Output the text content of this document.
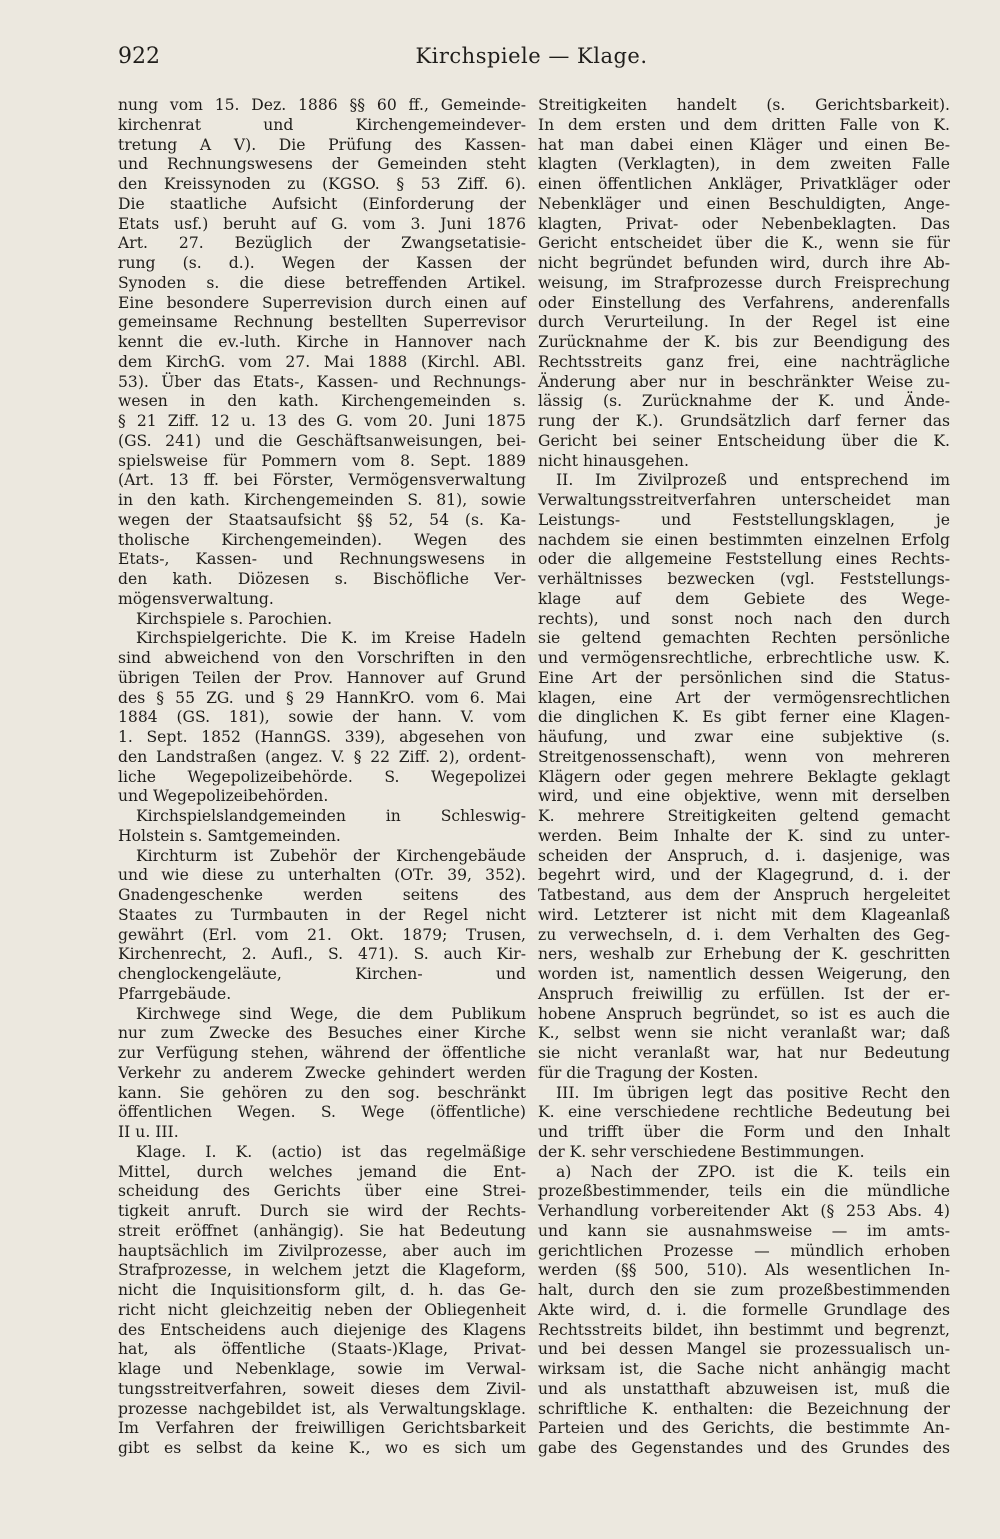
922	Kirchspiele — Klage.
nung vom 15. Dez. 1886 §§ 60 ff., Gemeinde-
kirchenrat und Kirchengemeindever-
tretung A V). Die Prüfung des Kassen-
und Rechnungswesens der Gemeinden steht
den Kreissynoden zu (KGSO. § 53 Ziff. 6).
Die staatliche Aufsicht (Einforderung der
Etats usf.) beruht auf G. vom 3. Juni 1876
Art. 27. Bezüglich der Zwangsetatisie-
rung (s. d.). Wegen der Kassen der
Synoden s. die diese betreffenden Artikel.
Eine besondere Superrevision durch einen auf
gemeinsame Rechnung bestellten Superrevisor
kennt die ev.-luth. Kirche in Hannover nach
dem KirchG. vom 27. Mai 1888 (Kirchl. ABl.
53). Über das Etats-, Kassen- und Rechnungs-
wesen in den kath. Kirchengemeinden s.
§ 21 Ziff. 12 u. 13 des G. vom 20. Juni 1875
(GS. 241) und die Geschäftsanweisungen, bei-
spielsweise für Pommern vom 8. Sept. 1889
(Art. 13 ff. bei Förster, Vermögensverwaltung
in den kath. Kirchengemeinden S. 81), sowie
wegen der Staatsaufsicht §§ 52, 54 (s. Ka-
tholische Kirchengemeinden). Wegen des
Etats-, Kassen- und Rechnungswesens in
den kath. Diözesen s. Bischöfliche Ver-
mögensverwaltung.
Kirchspiele s. Parochien.
Kirchspielgerichte. Die K. im Kreise Hadeln
sind abweichend von den Vorschriften in den
übrigen Teilen der Prov. Hannover auf Grund
des § 55 ZG. und § 29 HannKrO. vom 6. Mai
1884 (GS. 181), sowie der hann. V. vom
1. Sept. 1852 (HannGS. 339), abgesehen von
den Landstraßen (angez. V. § 22 Ziff. 2), ordent-
liche Wegepolizeibehörde. S. Wegepolizei
und Wegepolizeibehörden.
Kirchspielslandgemeinden in Schleswig-
Holstein s. Samtgemeinden.
Kirchturm ist Zubehör der Kirchengebäude
und wie diese zu unterhalten (OTr. 39, 352).
Gnadengeschenke werden seitens des
Staates zu Turmbauten in der Regel nicht
gewährt (Erl. vom 21. Okt. 1879; Trusen,
Kirchenrecht, 2. Aufl., S. 471). S. auch Kir-
chenglockengeläute, Kirchen- und
Pfarrgebäude.
Kirchwege sind Wege, die dem Publikum
nur zum Zwecke des Besuches einer Kirche
zur Verfügung stehen, während der öffentliche
Verkehr zu anderem Zwecke gehindert werden
kann. Sie gehören zu den sog. beschränkt
öffentlichen Wegen. S. Wege (öffentliche)
II u. III.
Klage. I. K. (actio) ist das regelmäßige
Mittel, durch welches jemand die Ent-
scheidung des Gerichts über eine Strei-
tigkeit anruft. Durch sie wird der Rechts-
streit eröffnet (anhängig). Sie hat Bedeutung
hauptsächlich im Zivilprozesse, aber auch im
Strafprozesse, in welchem jetzt die Klageform,
nicht die Inquisitionsform gilt, d. h. das Ge-
richt nicht gleichzeitig neben der Obliegenheit
des Entscheidens auch diejenige des Klagens
hat, als öffentliche (Staats-)Klage, Privat-
klage und Nebenklage, sowie im Verwal-
tungsstreitverfahren, soweit dieses dem Zivil-
prozesse nachgebildet ist, als Verwaltungsklage.
Im Verfahren der freiwilligen Gerichtsbarkeit
gibt es selbst da keine K., wo es sich um
Streitigkeiten handelt (s. Gerichtsbarkeit).
In dem ersten und dem dritten Falle von K.
hat man dabei einen Kläger und einen Be-
klagten (Verklagten), in dem zweiten Falle
einen öffentlichen Ankläger, Privatkläger oder
Nebenkläger und einen Beschuldigten, Ange-
klagten, Privat- oder Nebenbeklagten. Das
Gericht entscheidet über die K., wenn sie für
nicht begründet befunden wird, durch ihre Ab-
weisung, im Strafprozesse durch Freisprechung
oder Einstellung des Verfahrens, anderenfalls
durch Verurteilung. In der Regel ist eine
Zurücknahme der K. bis zur Beendigung des
Rechtsstreits ganz frei, eine nachträgliche
Änderung aber nur in beschränkter Weise zu-
lässig (s. Zurücknahme der K. und Ände-
rung der K.). Grundsätzlich darf ferner das
Gericht bei seiner Entscheidung über die K.
nicht hinausgehen.
II. Im Zivilprozeß und entsprechend im
Verwaltungsstreitverfahren unterscheidet man
Leistungs- und Feststellungsklagen, je
nachdem sie einen bestimmten einzelnen Erfolg
oder die allgemeine Feststellung eines Rechts-
verhältnisses bezwecken (vgl. Feststellungs-
klage auf dem Gebiete des Wege-
rechts), und sonst noch nach den durch
sie geltend gemachten Rechten persönliche
und vermögensrechtliche, erbrechtliche usw. K.
Eine Art der persönlichen sind die Status-
klagen, eine Art der vermögensrechtlichen
die dinglichen K. Es gibt ferner eine Klagen-
häufung, und zwar eine subjektive (s.
Streitgenossenschaft), wenn von mehreren
Klägern oder gegen mehrere Beklagte geklagt
wird, und eine objektive, wenn mit derselben
K. mehrere Streitigkeiten geltend gemacht
werden. Beim Inhalte der K. sind zu unter-
scheiden der Anspruch, d. i. dasjenige, was
begehrt wird, und der Klagegrund, d. i. der
Tatbestand, aus dem der Anspruch hergeleitet
wird. Letzterer ist nicht mit dem Klageanlaß
zu verwechseln, d. i. dem Verhalten des Geg-
ners, weshalb zur Erhebung der K. geschritten
worden ist, namentlich dessen Weigerung, den
Anspruch freiwillig zu erfüllen. Ist der er-
hobene Anspruch begründet, so ist es auch die
K., selbst wenn sie nicht veranlaßt war; daß
sie nicht veranlaßt war, hat nur Bedeutung
für die Tragung der Kosten.
III. Im übrigen legt das positive Recht den
K. eine verschiedene rechtliche Bedeutung bei
und trifft über die Form und den Inhalt
der K. sehr verschiedene Bestimmungen.
a) Nach der ZPO. ist die K. teils ein
prozeßbestimmender, teils ein die mündliche
Verhandlung vorbereitender Akt (§ 253 Abs. 4)
und kann sie ausnahmsweise — im amts-
gerichtlichen Prozesse — mündlich erhoben
werden (§§ 500, 510). Als wesentlichen In-
halt, durch den sie zum prozeßbestimmenden
Akte wird, d. i. die formelle Grundlage des
Rechtsstreits bildet, ihn bestimmt und begrenzt,
und bei dessen Mangel sie prozessualisch un-
wirksam ist, die Sache nicht anhängig macht
und als unstatthaft abzuweisen ist, muß die
schriftliche K. enthalten: die Bezeichnung der
Parteien und des Gerichts, die bestimmte An-
gabe des Gegenstandes und des Grundes des
